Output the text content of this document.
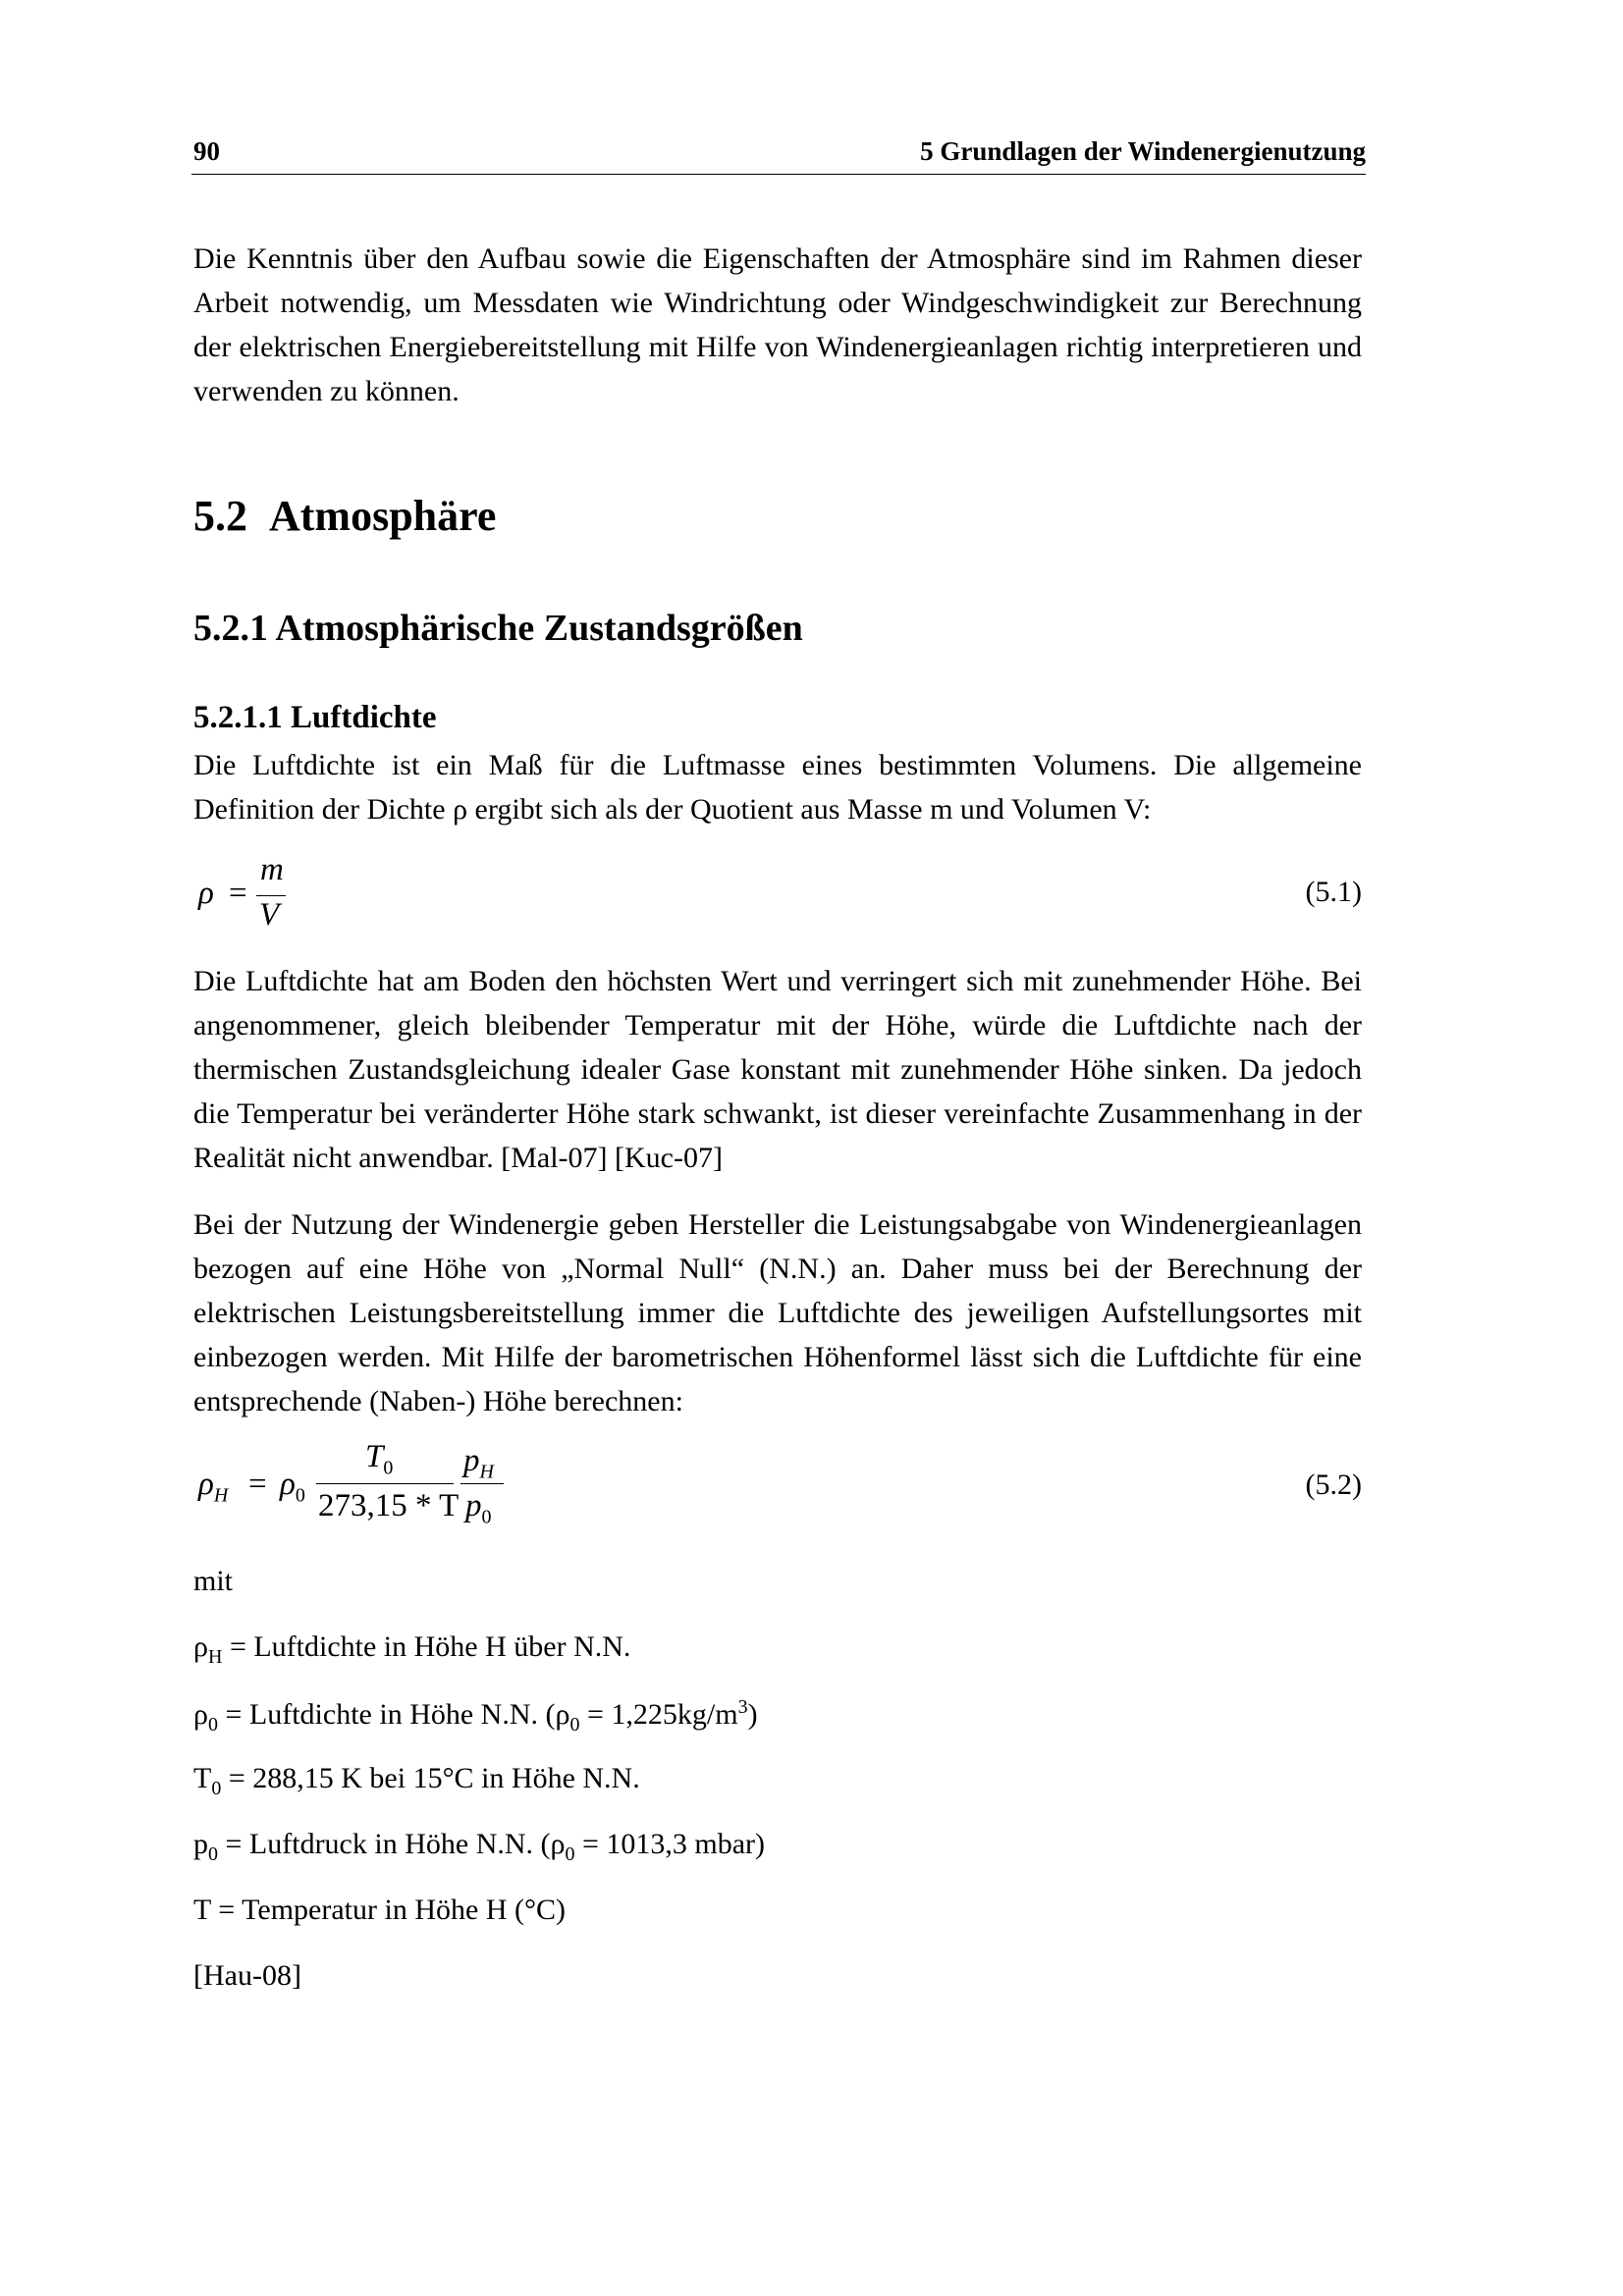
90	5 Grundlagen der Windenergienutzung

Die Kenntnis über den Aufbau sowie die Eigenschaften der Atmosphäre sind im Rahmen dieser Arbeit notwendig, um Messdaten wie Windrichtung oder Windgeschwindigkeit zur Berechnung der elektrischen Energiebereitstellung mit Hilfe von Windenergieanlagen richtig interpretieren und verwenden zu können.

5.2 Atmosphäre
5.2.1 Atmosphärische Zustandsgrößen
5.2.1.1 Luftdichte

Die Luftdichte ist ein Maß für die Luftmasse eines bestimmten Volumens. Die allgemeine Definition der Dichte ρ ergibt sich als der Quotient aus Masse m und Volumen V:

ρ =
m
V
(5.1)

Die Luftdichte hat am Boden den höchsten Wert und verringert sich mit zunehmender Höhe. Bei angenommener, gleich bleibender Temperatur mit der Höhe, würde die Luftdichte nach der thermischen Zustandsgleichung idealer Gase konstant mit zunehmender Höhe sinken. Da jedoch die Temperatur bei veränderter Höhe stark schwankt, ist dieser vereinfachte Zusammenhang in der Realität nicht anwendbar. [Mal-07] [Kuc-07]

Bei der Nutzung der Windenergie geben Hersteller die Leistungsabgabe von Windenergieanlagen bezogen auf eine Höhe von „Normal Null“ (N.N.) an. Daher muss bei der Berechnung der elektrischen Leistungsbereitstellung immer die Luftdichte des jeweiligen Aufstellungsortes mit einbezogen werden. Mit Hilfe der barometrischen Höhenformel lässt sich die Luftdichte für eine entsprechende (Naben-) Höhe berechnen:

$\rho_H = \rho_0$
$T_0$
273,15 * T
$p_H$
$p_0$
(5.2)
mit
$\rho_H$ = Luftdichte in Höhe H über N.N.
$\rho_0$ = Luftdichte in Höhe N.N. $(\rho_0 = 1,225kg/m^3)$
$T_0 = 288,15$ K bei 15°C in Höhe N.N.
$p_0$ = Luftdruck in Höhe N.N. ($\rho_0 = 1013,3$ mbar)
T = Temperatur in Höhe H (°C)
[Hau-08]
